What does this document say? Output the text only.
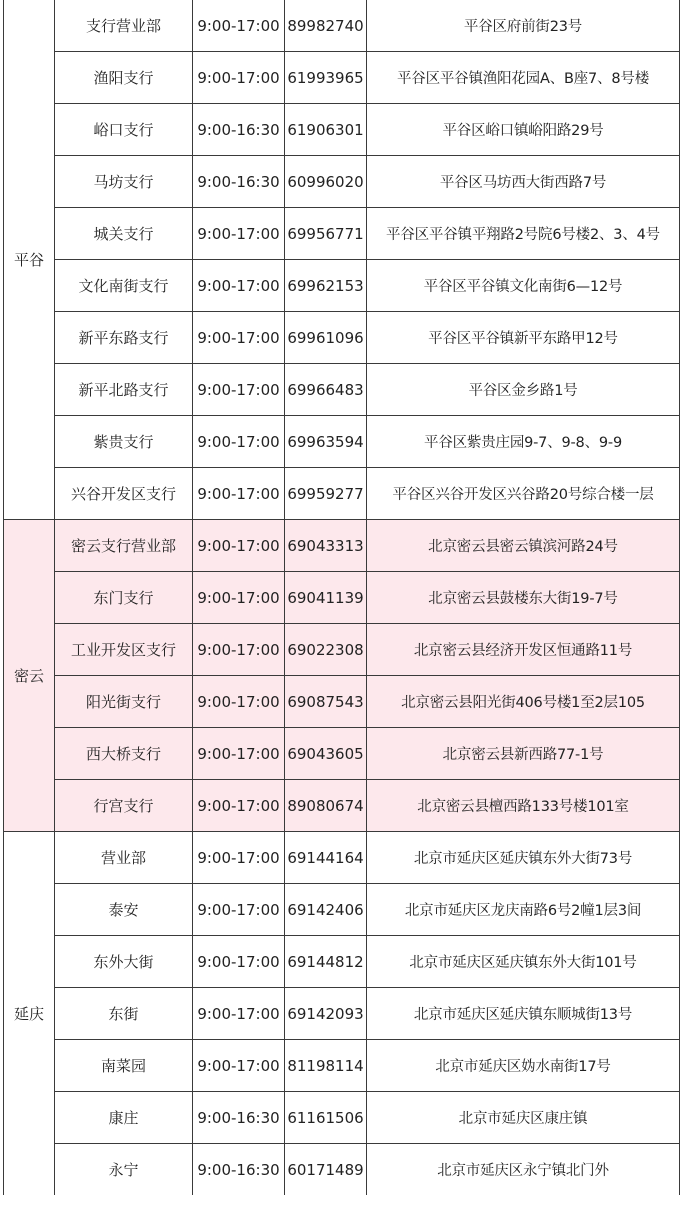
平谷	支行营业部	9:00-17:00	89982740	平谷区府前街23号
	渔阳支行	9:00-17:00	61993965	平谷区平谷镇渔阳花园A、B座7、8号楼
	峪口支行	9:00-16:30	61906301	平谷区峪口镇峪阳路29号
	马坊支行	9:00-16:30	60996020	平谷区马坊西大街西路7号
	城关支行	9:00-17:00	69956771	平谷区平谷镇平翔路2号院6号楼2、3、4号
	文化南街支行	9:00-17:00	69962153	平谷区平谷镇文化南街6—12号
	新平东路支行	9:00-17:00	69961096	平谷区平谷镇新平东路甲12号
	新平北路支行	9:00-17:00	69966483	平谷区金乡路1号
	紫贵支行	9:00-17:00	69963594	平谷区紫贵庄园9-7、9-8、9-9
	兴谷开发区支行	9:00-17:00	69959277	平谷区兴谷开发区兴谷路20号综合楼一层
密云	密云支行营业部	9:00-17:00	69043313	北京密云县密云镇滨河路24号
	东门支行	9:00-17:00	69041139	北京密云县鼓楼东大街19-7号
	工业开发区支行	9:00-17:00	69022308	北京密云县经济开发区恒通路11号
	阳光街支行	9:00-17:00	69087543	北京密云县阳光街406号楼1至2层105
	西大桥支行	9:00-17:00	69043605	北京密云县新西路77-1号
	行宫支行	9:00-17:00	89080674	北京密云县檀西路133号楼101室
延庆	营业部	9:00-17:00	69144164	北京市延庆区延庆镇东外大街73号
	泰安	9:00-17:00	69142406	北京市延庆区龙庆南路6号2幢1层3间
	东外大街	9:00-17:00	69144812	北京市延庆区延庆镇东外大街101号
	东街	9:00-17:00	69142093	北京市延庆区延庆镇东顺城街13号
	南菜园	9:00-17:00	81198114	北京市延庆区妫水南街17号
	康庄	9:00-16:30	61161506	北京市延庆区康庄镇
	永宁	9:00-16:30	60171489	北京市延庆区永宁镇北门外
